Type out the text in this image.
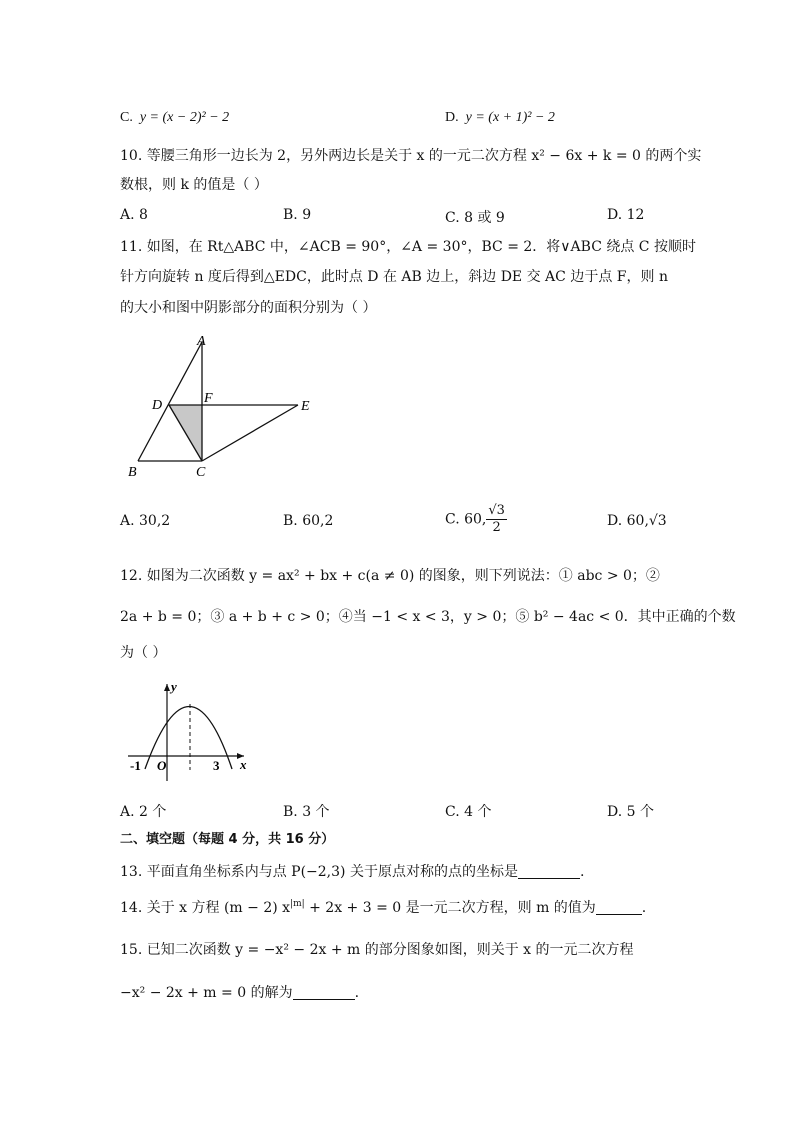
C. y = (x − 2)² − 2	D. y = (x + 1)² − 2
10. 等腰三角形一边长为 2，另外两边长是关于 x 的一元二次方程 x² − 6x + k = 0 的两个实
数根，则 k 的值是（ ）
A. 8	B. 9	C. 8 或 9	D. 12
11. 如图，在 Rt△ABC 中，∠ACB = 90°，∠A = 30°，BC = 2．将∨ABC 绕点 C 按顺时
针方向旋转 n 度后得到△EDC，此时点 D 在 AB 边上，斜边 DE 交 AC 边于点 F，则 n
的大小和图中阴影部分的面积分别为（ ）
A
B	C
D	E
F
A. 30,2	B. 60,2	C. 60, $\frac{√3}{2}$	D. 60,√3
12. 如图为二次函数 y = ax² + bx + c(a ≠ 0) 的图象，则下列说法：① abc > 0；②
2a + b = 0；③ a + b + c > 0；④当 −1 < x < 3，y > 0；⑤ b² − 4ac < 0．其中正确的个数
为（ ）
y
x
-1 O	3
A. 2 个	B. 3 个	C. 4 个	D. 5 个
二、填空题（每题 4 分，共 16 分）
13. 平面直角坐标系内与点 P(−2,3) 关于原点对称的点的坐标是	.
14. 关于 x 方程 (m − 2) $x^{|m|} + 2x + 3 = 0$ 是一元二次方程，则 m 的值为	.
15. 已知二次函数 y = −x² − 2x + m 的部分图象如图，则关于 x 的一元二次方程
−x² − 2x + m = 0 的解为	.
